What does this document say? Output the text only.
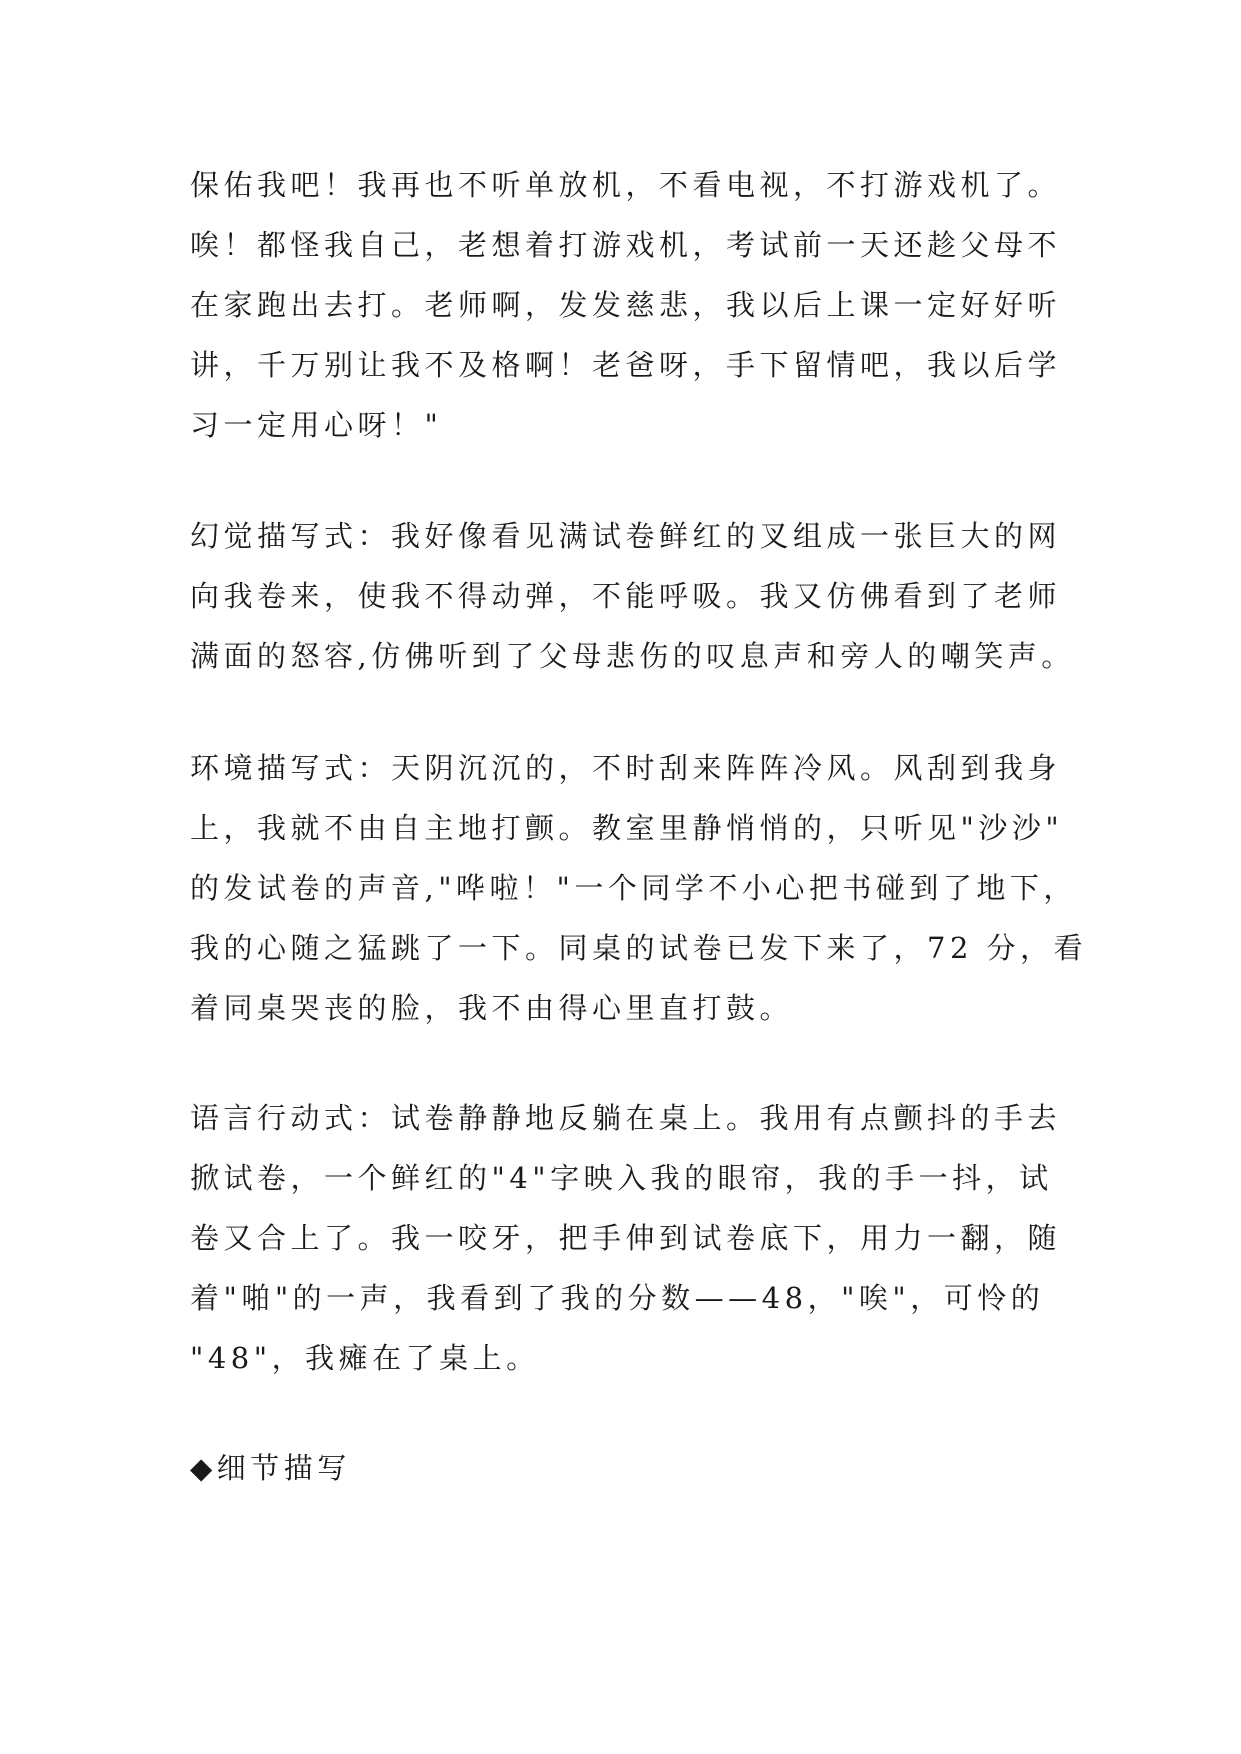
保佑我吧！我再也不听单放机，不看电视，不打游戏机了。
唉！都怪我自己，老想着打游戏机，考试前一天还趁父母不
在家跑出去打。老师啊，发发慈悲，我以后上课一定好好听
讲，千万别让我不及格啊！老爸呀，手下留情吧，我以后学
习一定用心呀！"

幻觉描写式：我好像看见满试卷鲜红的叉组成一张巨大的网
向我卷来，使我不得动弹，不能呼吸。我又仿佛看到了老师
满面的怒容,仿佛听到了父母悲伤的叹息声和旁人的嘲笑声。

环境描写式：天阴沉沉的，不时刮来阵阵冷风。风刮到我身
上，我就不由自主地打颤。教室里静悄悄的，只听见"沙沙"
的发试卷的声音,"哗啦！"一个同学不小心把书碰到了地下，
我的心随之猛跳了一下。同桌的试卷已发下来了，72 分，看
着同桌哭丧的脸，我不由得心里直打鼓。

语言行动式：试卷静静地反躺在桌上。我用有点颤抖的手去
掀试卷，一个鲜红的"4"字映入我的眼帘，我的手一抖，试
卷又合上了。我一咬牙，把手伸到试卷底下，用力一翻，随
着"啪"的一声，我看到了我的分数——48，"唉"，可怜的
"48"，我瘫在了桌上。

◆细节描写
